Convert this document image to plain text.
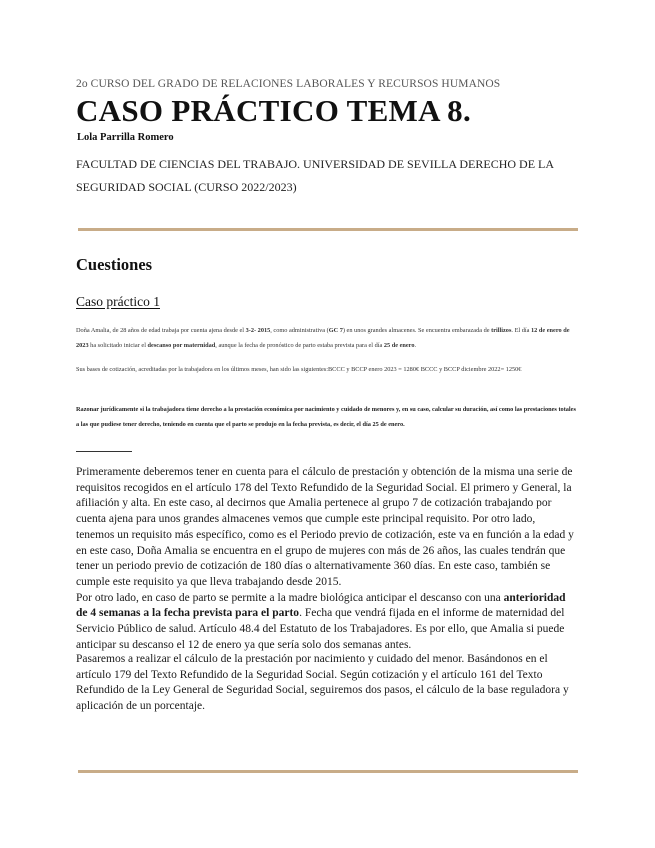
2o CURSO DEL GRADO DE RELACIONES LABORALES Y RECURSOS HUMANOS
CASO PRÁCTICO TEMA 8.
Lola Parrilla Romero
FACULTAD DE CIENCIAS DEL TRABAJO. UNIVERSIDAD DE SEVILLA DERECHO DE LA SEGURIDAD SOCIAL (CURSO 2022/2023)
Cuestiones
Caso práctico 1
Doña Amalia, de 28 años de edad trabaja por cuenta ajena desde el 3-2- 2015, como administrativa (GC 7) en unos grandes almacenes. Se encuentra embarazada de trillizos. El día 12 de enero de 2023 ha solicitado iniciar el descanso por maternidad, aunque la fecha de pronóstico de parto estaba prevista para el día 25 de enero.
Sus bases de cotización, acreditadas por la trabajadora en los últimos meses, han sido las siguientes:BCCC y BCCP enero 2023 = 1280€ BCCC y BCCP diciembre 2022= 1250€
Razonar jurídicamente si la trabajadora tiene derecho a la prestación económica por nacimiento y cuidado de menores y, en su caso, calcular su duración, así como las prestaciones totales a las que pudiese tener derecho, teniendo en cuenta que el parto se produjo en la fecha prevista, es decir, el día 25 de enero.

Primeramente deberemos tener en cuenta para el cálculo de prestación y obtención de la misma una serie de requisitos recogidos en el artículo 178 del Texto Refundido de la Seguridad Social. El primero y General, la afiliación y alta. En este caso, al decirnos que Amalia pertenece al grupo 7 de cotización trabajando por cuenta ajena para unos grandes almacenes vemos que cumple este principal requisito. Por otro lado, tenemos un requisito más específico, como es el Periodo previo de cotización, este va en función a la edad y en este caso, Doña Amalia se encuentra en el grupo de mujeres con más de 26 años, las cuales tendrán que tener un periodo previo de cotización de 180 días o alternativamente 360 días. En este caso, también se cumple este requisito ya que lleva trabajando desde 2015.

Por otro lado, en caso de parto se permite a la madre biológica anticipar el descanso con una anterioridad de 4 semanas a la fecha prevista para el parto. Fecha que vendrá fijada en el informe de maternidad del Servicio Público de salud. Artículo 48.4 del Estatuto de los Trabajadores. Es por ello, que Amalia si puede anticipar su descanso el 12 de enero ya que sería solo dos semanas antes.

Pasaremos a realizar el cálculo de la prestación por nacimiento y cuidado del menor. Basándonos en el artículo 179 del Texto Refundido de la Seguridad Social. Según cotización y el artículo 161 del Texto Refundido de la Ley General de Seguridad Social, seguiremos dos pasos, el cálculo de la base reguladora y aplicación de un porcentaje.
